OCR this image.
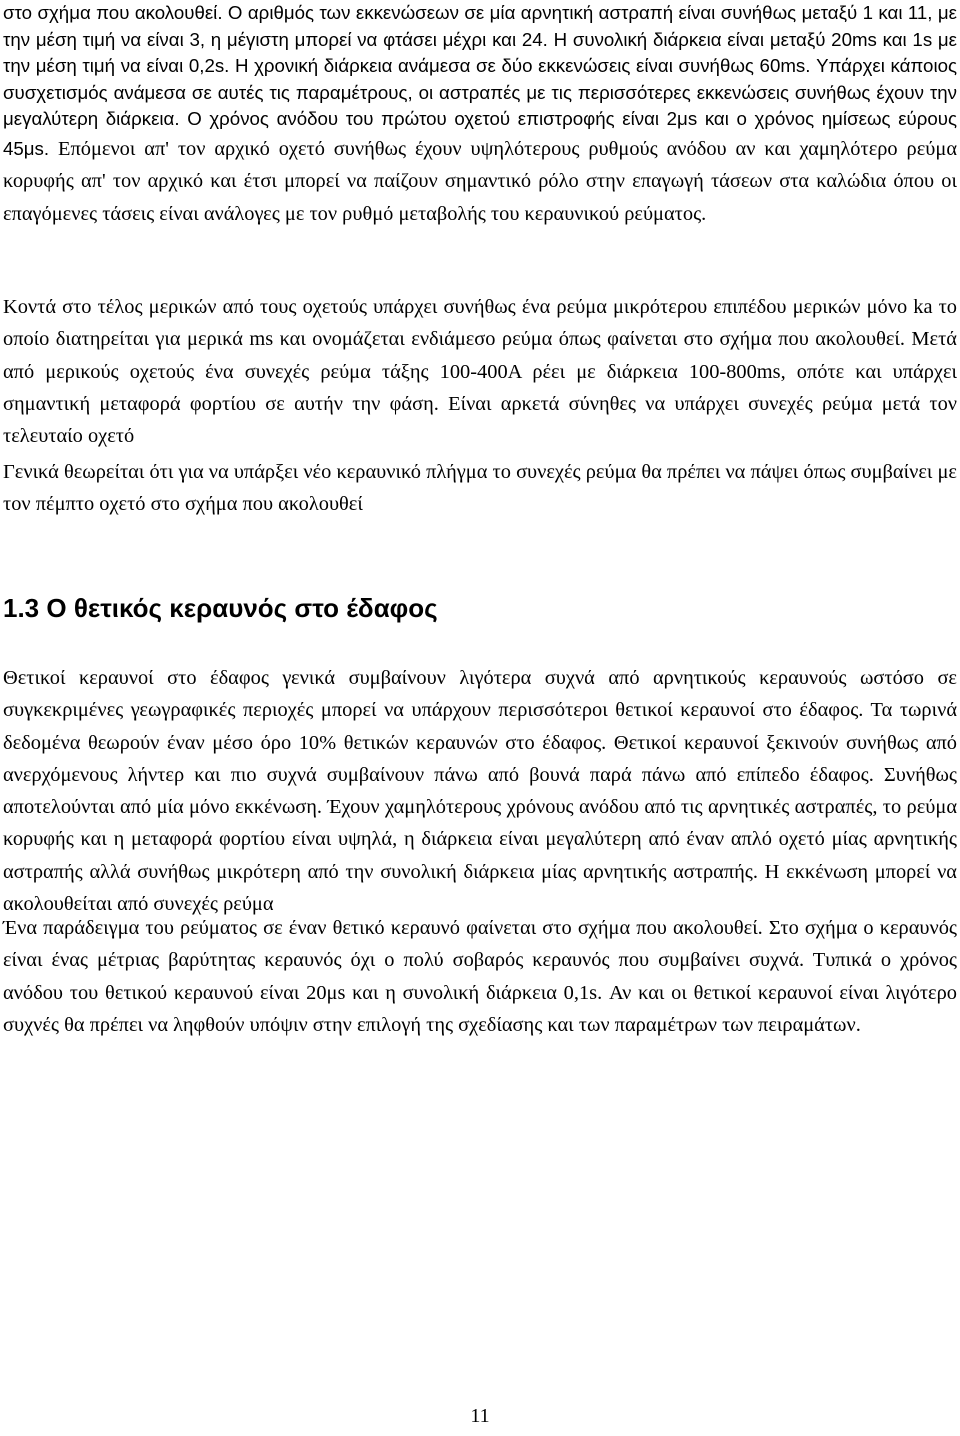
στο σχήμα που ακολουθεί. Ο αριθμός των εκκενώσεων σε μία αρνητική αστραπή είναι συνήθως μεταξύ 1 και 11, με την μέση τιμή να είναι 3, η μέγιστη μπορεί να φτάσει μέχρι και 24. Η συνολική διάρκεια είναι μεταξύ 20ms και 1s με την μέση τιμή να είναι 0,2s. Η χρονική διάρκεια ανάμεσα σε δύο εκκενώσεις είναι συνήθως 60ms. Υπάρχει κάποιος συσχετισμός ανάμεσα σε αυτές τις παραμέτρους, οι αστραπές με τις περισσότερες εκκενώσεις συνήθως έχουν την μεγαλύτερη διάρκεια. Ο χρόνος ανόδου του πρώτου οχετού επιστροφής είναι 2μs και ο χρόνος ημίσεως εύρους 45μs. Επόμενοι απ' τον αρχικό οχετό συνήθως έχουν υψηλότερους ρυθμούς ανόδου αν και χαμηλότερο ρεύμα κορυφής απ' τον αρχικό και έτσι μπορεί να παίζουν σημαντικό ρόλο στην επαγωγή τάσεων στα καλώδια όπου οι επαγόμενες τάσεις είναι ανάλογες με τον ρυθμό μεταβολής του κεραυνικού ρεύματος.

Κοντά στο τέλος μερικών από τους οχετούς υπάρχει συνήθως ένα ρεύμα μικρότερου επιπέδου μερικών μόνο ka το οποίο διατηρείται για μερικά ms και ονομάζεται ενδιάμεσο ρεύμα όπως φαίνεται στο σχήμα που ακολουθεί. Μετά από μερικούς οχετούς ένα συνεχές ρεύμα τάξης 100-400A ρέει με διάρκεια 100-800ms, οπότε και υπάρχει σημαντική μεταφορά φορτίου σε αυτήν την φάση. Είναι αρκετά σύνηθες να υπάρχει συνεχές ρεύμα μετά τον τελευταίο οχετό

Γενικά θεωρείται ότι για να υπάρξει νέο κεραυνικό πλήγμα το συνεχές ρεύμα θα πρέπει να πάψει όπως συμβαίνει με τον πέμπτο οχετό στο σχήμα που ακολουθεί

1.3 Ο θετικός κεραυνός στο έδαφος

Θετικοί κεραυνοί στο έδαφος γενικά συμβαίνουν λιγότερα συχνά από αρνητικούς κεραυνούς ωστόσο σε συγκεκριμένες γεωγραφικές περιοχές μπορεί να υπάρχουν περισσότεροι θετικοί κεραυνοί στο έδαφος. Τα τωρινά δεδομένα θεωρούν έναν μέσο όρο 10% θετικών κεραυνών στο έδαφος. Θετικοί κεραυνοί ξεκινούν συνήθως από ανερχόμενους λήντερ και πιο συχνά συμβαίνουν πάνω από βουνά παρά πάνω από επίπεδο έδαφος. Συνήθως αποτελούνται από μία μόνο εκκένωση. Έχουν χαμηλότερους χρόνους ανόδου από τις αρνητικές αστραπές, το ρεύμα κορυφής και η μεταφορά φορτίου είναι υψηλά, η διάρκεια είναι μεγαλύτερη από έναν απλό οχετό μίας αρνητικής αστραπής αλλά συνήθως μικρότερη από την συνολική διάρκεια μίας αρνητικής αστραπής. Η εκκένωση μπορεί να ακολουθείται από συνεχές ρεύμα

Ένα παράδειγμα του ρεύματος σε έναν θετικό κεραυνό φαίνεται στο σχήμα που ακολουθεί. Στο σχήμα ο κεραυνός είναι ένας μέτριας βαρύτητας κεραυνός όχι ο πολύ σοβαρός κεραυνός που συμβαίνει συχνά. Τυπικά ο χρόνος ανόδου του θετικού κεραυνού είναι 20μs και η συνολική διάρκεια 0,1s. Αν και οι θετικοί κεραυνοί είναι λιγότερο συχνές θα πρέπει να ληφθούν υπόψιν στην επιλογή της σχεδίασης και των παραμέτρων των πειραμάτων.

11
